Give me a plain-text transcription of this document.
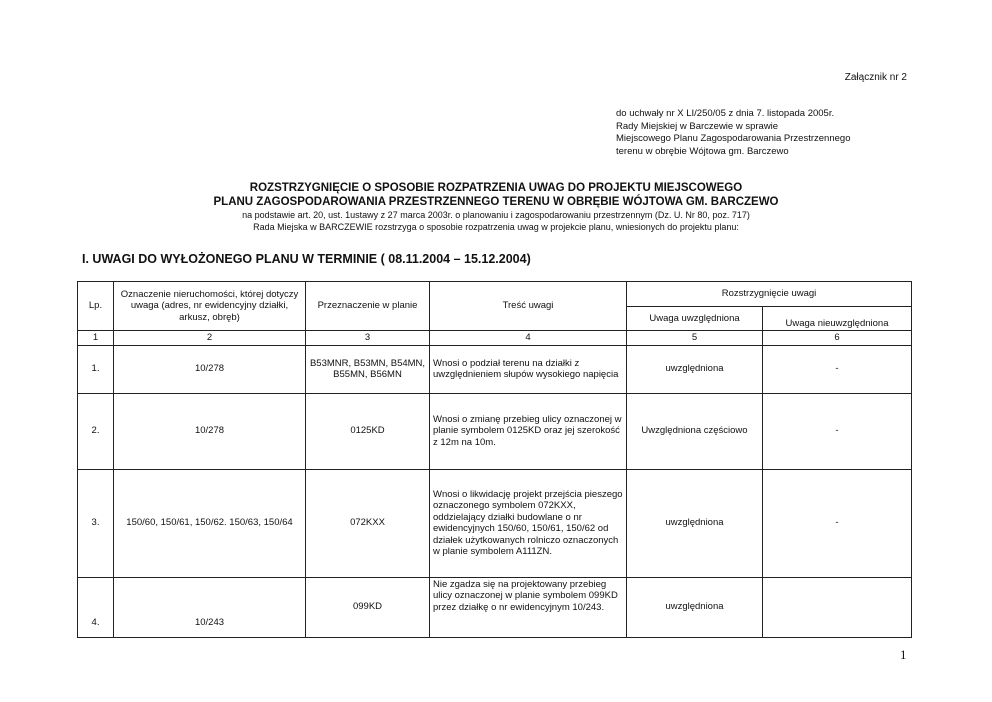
Załącznik nr 2
do uchwały nr X LI/250/05 z dnia 7. listopada 2005r.
Rady Miejskiej w Barczewie w sprawie
Miejscowego Planu Zagospodarowania Przestrzennego
terenu w obrębie Wójtowa gm. Barczewo
ROZSTRZYGNIĘCIE O SPOSOBIE ROZPATRZENIA UWAG DO PROJEKTU MIEJSCOWEGO
PLANU ZAGOSPODAROWANIA PRZESTRZENNEGO TERENU W OBRĘBIE WÓJTOWA GM. BARCZEWO
na podstawie art. 20, ust. 1ustawy z 27 marca 2003r. o planowaniu i zagospodarowaniu przestrzennym (Dz. U. Nr 80, poz. 717)
Rada Miejska w BARCZEWIE rozstrzyga o sposobie rozpatrzenia uwag w projekcie planu, wniesionych do projektu planu:
I. UWAGI DO WYŁOŻONEGO PLANU W TERMINIE ( 08.11.2004 – 15.12.2004)
Lp.	Oznaczenie nieruchomości, której dotyczy uwaga (adres, nr ewidencyjny działki, arkusz, obręb)	Przeznaczenie w planie	Treść uwagi	Rozstrzygnięcie uwagi	
				Uwaga uwzględniona	Uwaga nieuwzględniona
1	2	3	4	5	6
1.	10/278	B53MNR, B53MN, B54MN, B55MN, B56MN	Wnosi o podział terenu na działki z uwzględnieniem słupów wysokiego napięcia	uwzględniona	-
2.	10/278	0125KD	Wnosi o zmianę przebieg ulicy oznaczonej w planie symbolem 0125KD oraz jej szerokość z 12m na 10m.	Uwzględniona częściowo	-
3.	150/60, 150/61, 150/62. 150/63, 150/64	072KXX	Wnosi o likwidację projekt przejścia pieszego oznaczonego symbolem 072KXX, oddzielający działki budowlane o nr ewidencyjnych 150/60, 150/61, 150/62 od działek użytkowanych rolniczo oznaczonych w planie symbolem A111ZN.	uwzględniona	-
4.	10/243	099KD	Nie zgadza się na projektowany przebieg ulicy oznaczonej w planie symbolem 099KD przez działkę o nr ewidencyjnym 10/243.	uwzględniona	
1
